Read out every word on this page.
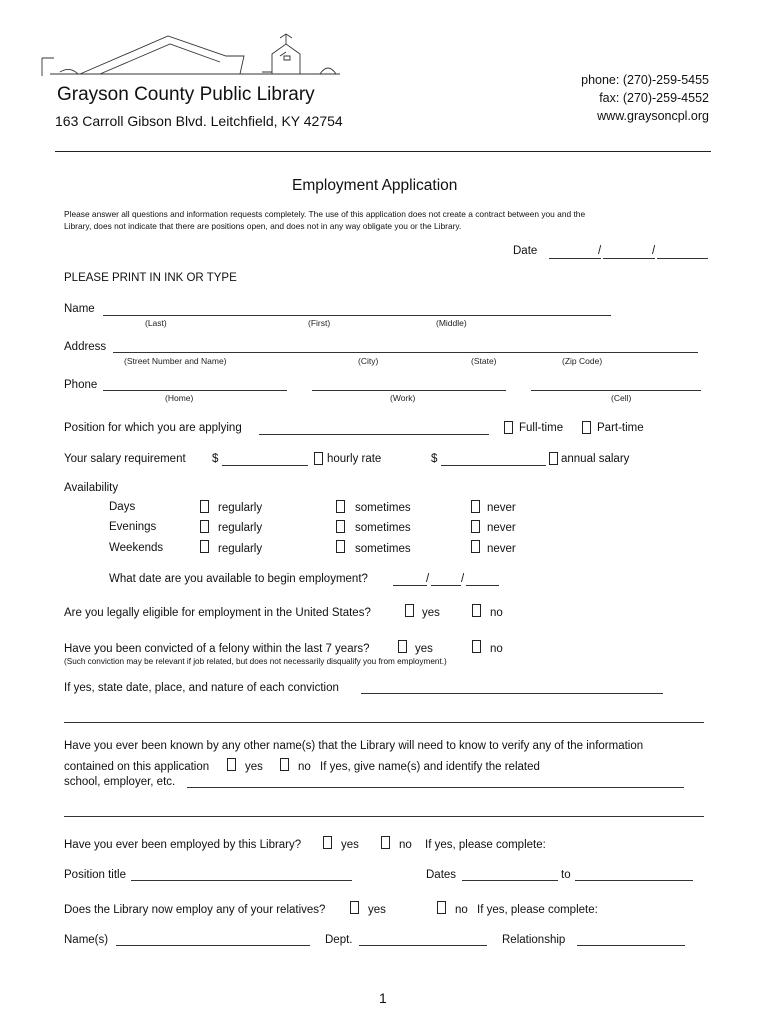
Grayson County Public Library
163 Carroll Gibson Blvd. Leitchfield, KY 42754
phone: (270)-259-5455
fax: (270)-259-4552
www.graysoncpl.org
Employment Application
Please answer all questions and information requests completely. The use of this application does not create a contract between you and the
Library, does not indicate that there are positions open, and does not in any way obligate you or the Library.
Date	/	/
PLEASE PRINT IN INK OR TYPE
Name
(Last)	(First)	(Middle)
Address
(Street Number and Name)	(City)	(State)	(Zip Code)
Phone
(Home)	(Work)	(Cell)
Position for which you are applying	Full-time	Part-time
Your salary requirement $	hourly rate	$	annual salary
Availability
Days	regularly	sometimes	never
Evenings	regularly	sometimes	never
Weekends	regularly	sometimes	never
What date are you available to begin employment?	/	/
Are you legally eligible for employment in the United States?	yes	no
Have you been convicted of a felony within the last 7 years?	yes	no
(Such conviction may be relevant if job related, but does not necessarily disqualify you from employment.)
If yes, state date, place, and nature of each conviction
Have you ever been known by any other name(s) that the Library will need to know to verify any of the information
contained on this application	yes	no If yes, give name(s) and identify the related
school, employer, etc.
Have you ever been employed by this Library?	yes	no If yes, please complete:
Position title	Dates	to
Does the Library now employ any of your relatives?	yes	no If yes, please complete:
Name(s)	Dept.	Relationship
1
